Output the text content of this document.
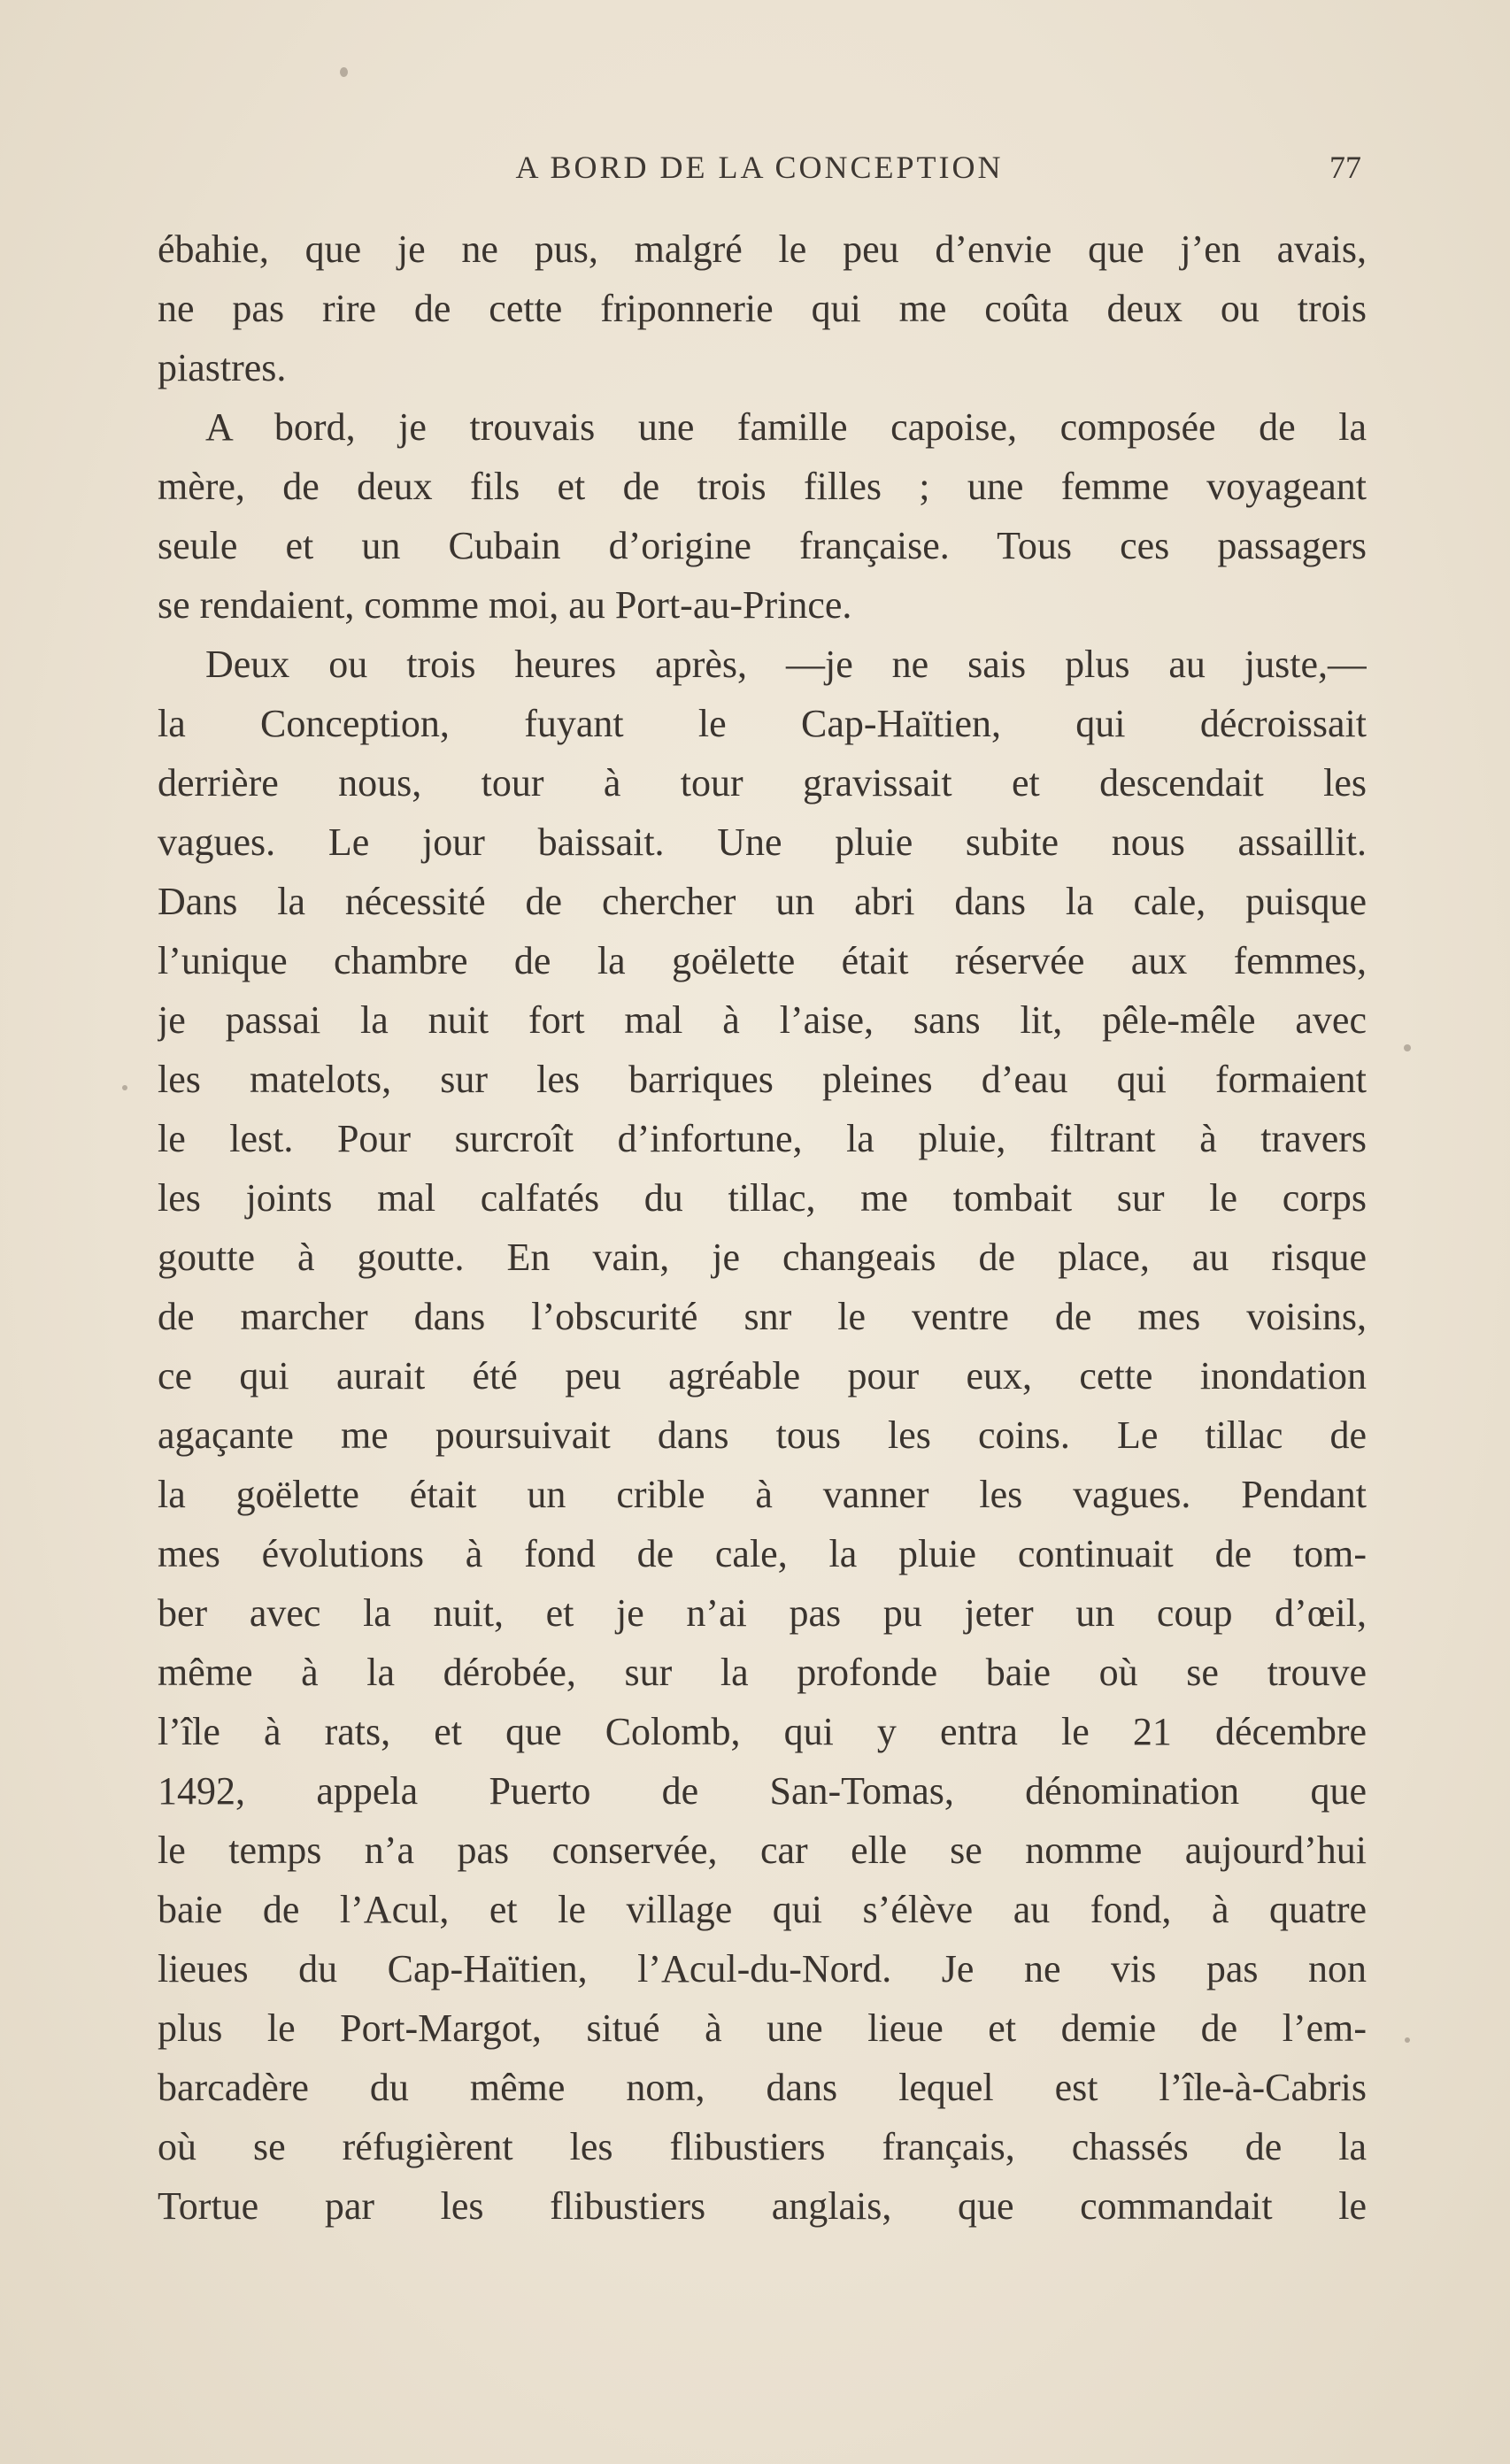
A BORD DE LA CONCEPTION	77
ébahie, que je ne pus, malgré le peu d’envie que j’en avais,
ne pas rire de cette friponnerie qui me coûta deux ou trois
piastres.
A bord, je trouvais une famille capoise, composée de la
mère, de deux fils et de trois filles ; une femme voyageant
seule et un Cubain d’origine française. Tous ces passagers
se rendaient, comme moi, au Port-au-Prince.
Deux ou trois heures après, —je ne sais plus au juste,—
la Conception, fuyant le Cap-Haïtien, qui décroissait
derrière nous, tour à tour gravissait et descendait les
vagues. Le jour baissait. Une pluie subite nous assaillit.
Dans la nécessité de chercher un abri dans la cale, puisque
l’unique chambre de la goëlette était réservée aux femmes,
je passai la nuit fort mal à l’aise, sans lit, pêle-mêle avec
les matelots, sur les barriques pleines d’eau qui formaient
le lest. Pour surcroît d’infortune, la pluie, filtrant à travers
les joints mal calfatés du tillac, me tombait sur le corps
goutte à goutte. En vain, je changeais de place, au risque
de marcher dans l’obscurité snr le ventre de mes voisins,
ce qui aurait été peu agréable pour eux, cette inondation
agaçante me poursuivait dans tous les coins. Le tillac de
la goëlette était un crible à vanner les vagues. Pendant
mes évolutions à fond de cale, la pluie continuait de tom-
ber avec la nuit, et je n’ai pas pu jeter un coup d’œil,
même à la dérobée, sur la profonde baie où se trouve
l’île à rats, et que Colomb, qui y entra le 21 décembre
1492, appela Puerto de San-Tomas, dénomination que
le temps n’a pas conservée, car elle se nomme aujourd’hui
baie de l’Acul, et le village qui s’élève au fond, à quatre
lieues du Cap-Haïtien, l’Acul-du-Nord. Je ne vis pas non
plus le Port-Margot, situé à une lieue et demie de l’em-
barcadère du même nom, dans lequel est l’île-à-Cabris
où se réfugièrent les flibustiers français, chassés de la
Tortue par les flibustiers anglais, que commandait le
